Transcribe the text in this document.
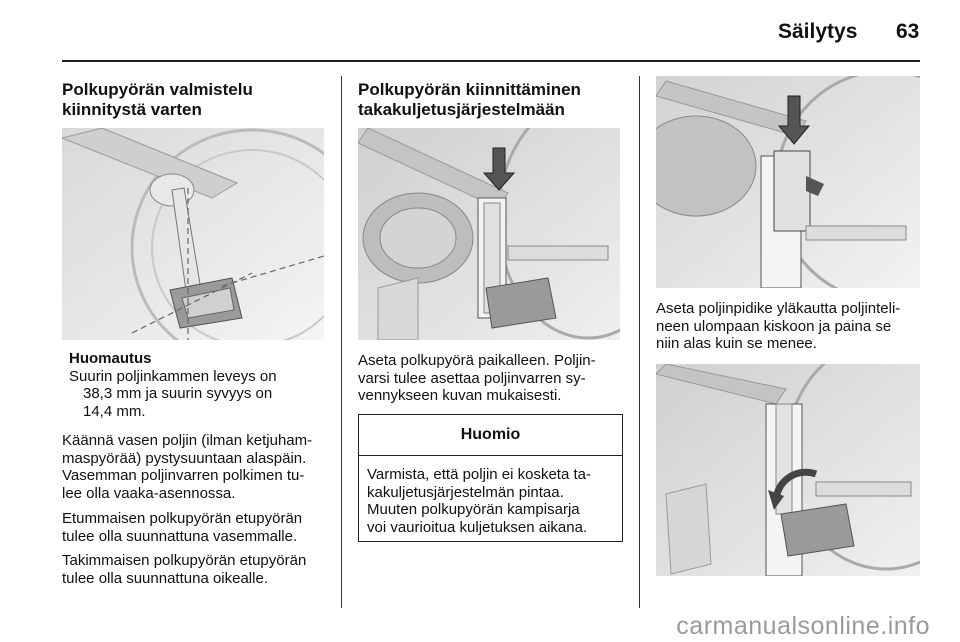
Säilytys 63
Polkupyörän valmistelu
kiinnitystä varten

Huomautus

Suurin poljinkammen leveys on

38,3 mm ja suurin syvyys on

14,4 mm.

Käännä vasen poljin (ilman ketjuham-

maspyörää) pystysuuntaan alaspäin.

Vasemman poljinvarren polkimen tu-

lee olla vaaka-asennossa.

Etummaisen polkupyörän etupyörän

tulee olla suunnattuna vasemmalle.

Takimmaisen polkupyörän etupyörän

tulee olla suunnattuna oikealle.

Polkupyörän kiinnittäminen
takakuljetusjärjestelmään

Aseta polkupyörä paikalleen. Poljin-

varsi tulee asettaa poljinvarren sy-

vennykseen kuvan mukaisesti.

Huomio

Varmista, että poljin ei kosketa ta-

kakuljetusjärjestelmän pintaa.

Muuten polkupyörän kampisarja

voi vaurioitua kuljetuksen aikana.

Aseta poljinpidike yläkautta poljinteli-

neen ulompaan kiskoon ja paina se

niin alas kuin se menee.

carmanualsonline.info
